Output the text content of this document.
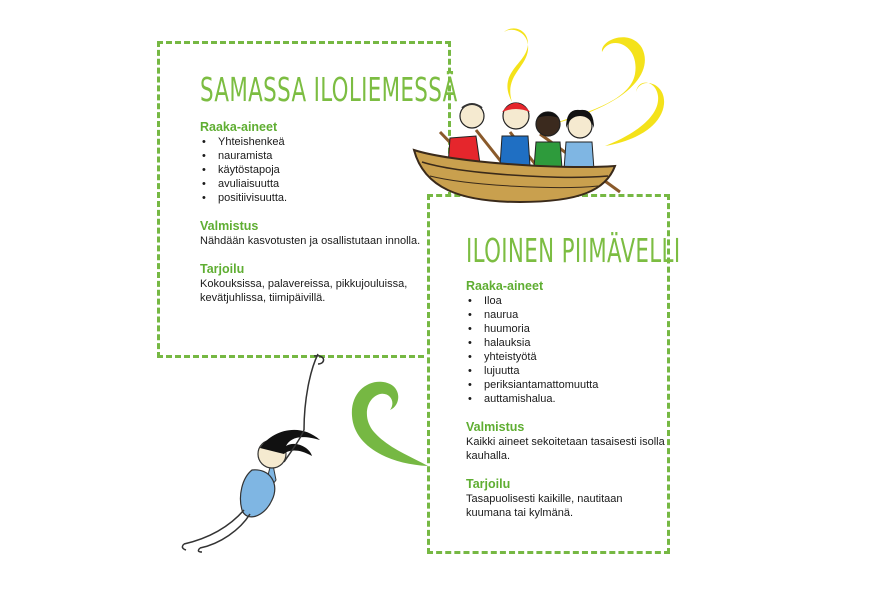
SAMASSA ILOLIEMESSÄ

Raaka-aineet

• Yhteishenkeä
• nauramista
• käytöstapoja
• avuliaisuutta
• positiivisuutta.

Valmistus

Nähdään kasvotusten ja osallistutaan innolla.

Tarjoilu

Kokouksissa, palavereissa, pikkujouluissa, kevätjuhlissa, tiimipäivillä.

ILOINEN PIIMÄVELLI

Raaka-aineet

• Iloa
• naurua
• huumoria
• halauksia
• yhteistyötä
• lujuutta
• periksiantamattomuutta
• auttamishalua.

Valmistus

Kaikki aineet sekoitetaan tasaisesti isolla kauhalla.

Tarjoilu

Tasapuolisesti kaikille, nautitaan kuumana tai kylmänä.
